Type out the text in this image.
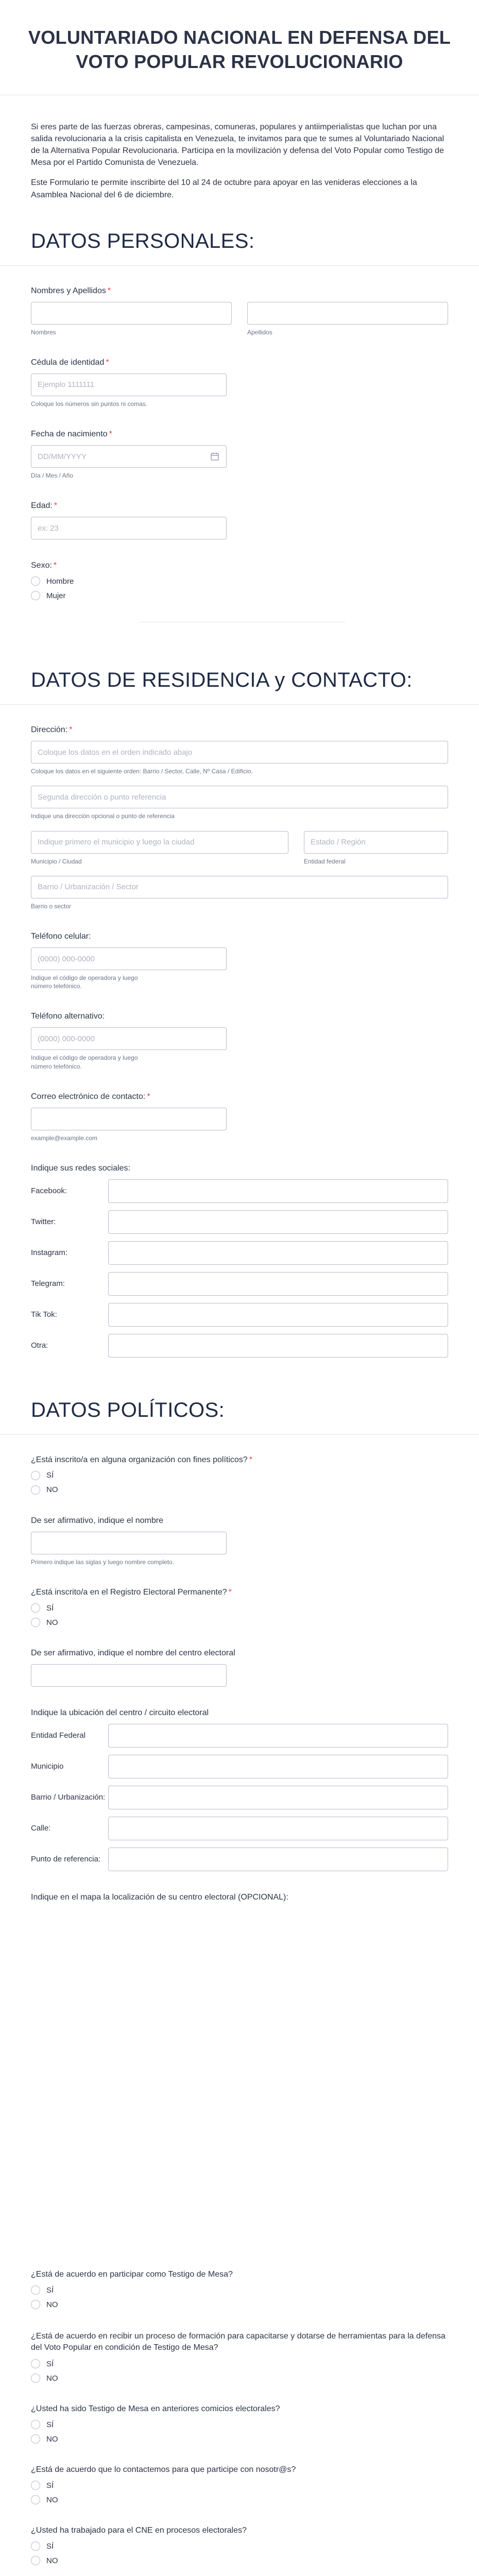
VOLUNTARIADO NACIONAL EN DEFENSA DEL VOTO POPULAR REVOLUCIONARIO

Si eres parte de las fuerzas obreras, campesinas, comuneras, populares y antiimperialistas que luchan por una salida revolucionaria a la crisis capitalista en Venezuela, te invitamos para que te sumes al Voluntariado Nacional de la Alternativa Popular Revolucionaria. Participa en la movilización y defensa del Voto Popular como Testigo de Mesa por el Partido Comunista de Venezuela.

Este Formulario te permite inscribirte del 10 al 24 de octubre para apoyar en las venideras elecciones a la Asamblea Nacional del 6 de diciembre.

DATOS PERSONALES:
Nombres y Apellidos *
Nombres	Apellidos
Cédula de identidad *
Ejemplo 1111111
Coloque los números sin puntos ni comas.
Fecha de nacimiento *
DD/MM/YYYY
Día / Mes / Año
Edad: *
ex: 23
Sexo: *
Hombre
Mujer
DATOS DE RESIDENCIA y CONTACTO:
Dirección: *
Coloque los datos en el orden indicado abajo
Coloque los datos en el siguiente orden: Barrio / Sector, Calle, Nº Casa / Edificio.
Segunda dirección o punto referencia
Indique una dirección opcional o punto de referencia
Indique primero el municipio y luego la ciudad
Municipio / Ciudad
Estado / Región
Entidad federal
Barrio / Urbanización / Sector
Barrio o sector
Teléfono celular:
(0000) 000-0000
Indique el código de operadora y luego número telefónico.
Teléfono alternativo:
(0000) 000-0000
Indique el código de operadora y luego número telefónico.
Correo electrónico de contacto: *
example@example.com
Indique sus redes sociales:
Facebook:
Twitter:
Instagram:
Telegram:
Tik Tok:
Otra:
DATOS POLÍTICOS:
¿Está inscrito/a en alguna organización con fines políticos? *
SÍ
NO
De ser afirmativo, indique el nombre
Primero indique las siglas y luego nombre completo.
¿Está inscrito/a en el Registro Electoral Permanente? *
SÍ
NO
De ser afirmativo, indique el nombre del centro electoral
Indique la ubicación del centro / circuito electoral
Entidad Federal
Municipio
Barrio / Urbanización:
Calle:
Punto de referencia:
Indique en el mapa la localización de su centro electoral (OPCIONAL):
¿Está de acuerdo en participar como Testigo de Mesa?
SÍ
NO
¿Está de acuerdo en recibir un proceso de formación para capacitarse y dotarse de herramientas para la defensa del Voto Popular en condición de Testigo de Mesa?
SÍ
NO
¿Usted ha sido Testigo de Mesa en anteriores comicios electorales?
SÍ
NO
¿Está de acuerdo que lo contactemos para que participe con nosotr@s?
SÍ
NO
¿Usted ha trabajado para el CNE en procesos electorales?
SÍ
NO
